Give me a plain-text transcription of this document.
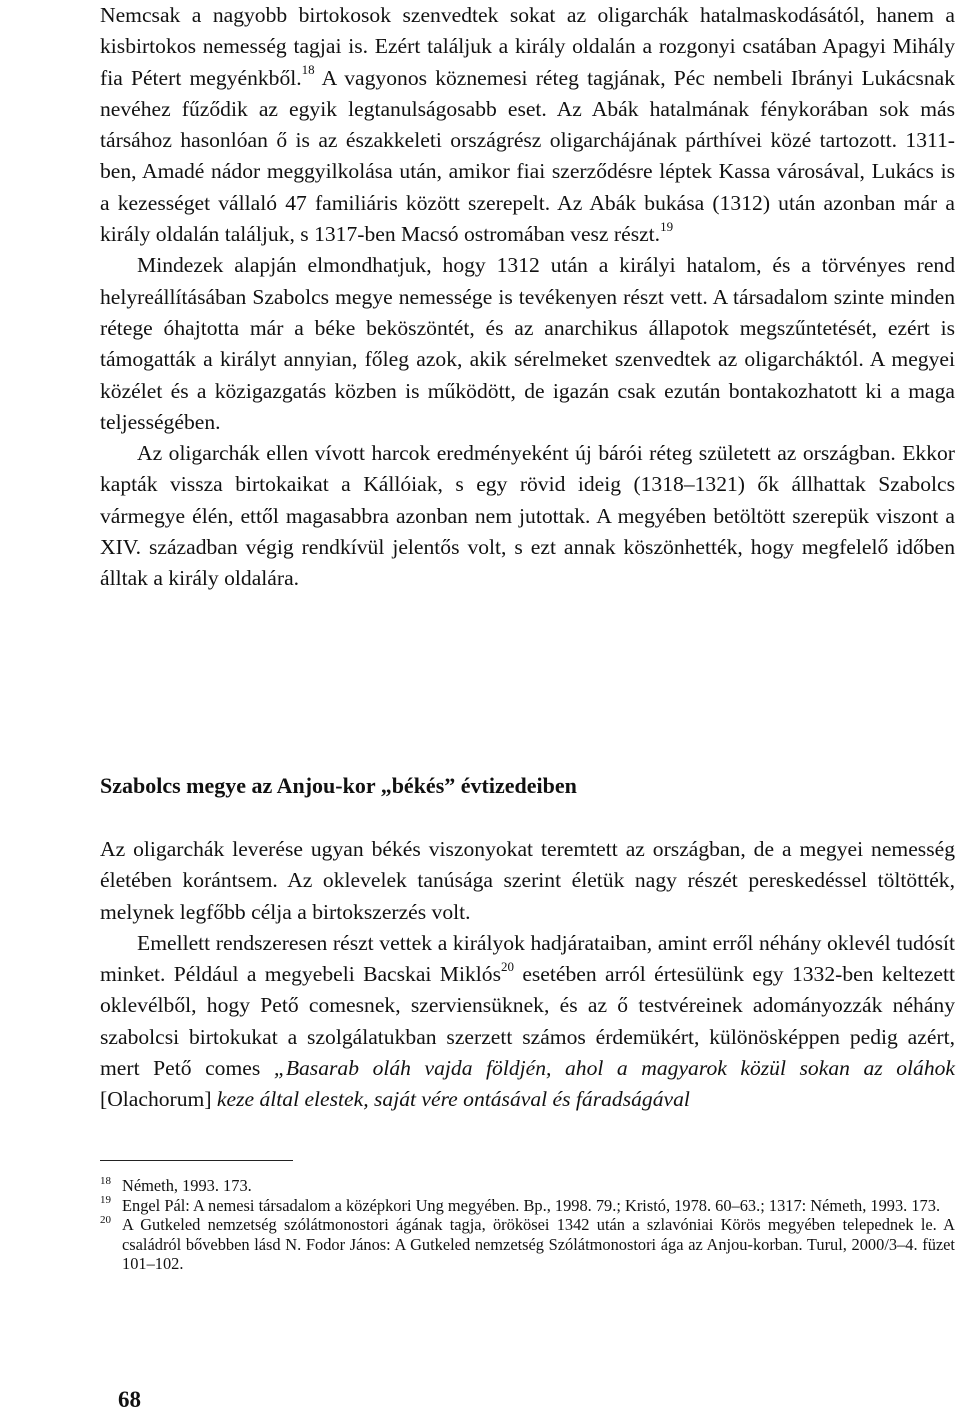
Nemcsak a nagyobb birtokosok szenvedtek sokat az oligarchák hatalmaskodásától, hanem a kisbirtokos nemesség tagjai is. Ezért találjuk a király oldalán a rozgonyi csatában Apagyi Mihály fia Pétert megyénkből.$^{18}$ A vagyonos köznemesi réteg tagjának, Péc nembeli Ibrányi Lukácsnak nevéhez fűződik az egyik legtanulságosabb eset. Az Abák hatalmának fénykorában sok más társához hasonlóan ő is az északkeleti országrész oligarchájának párthívei közé tartozott. 1311-ben, Amadé nádor meggyilkolása után, amikor fiai szerződésre léptek Kassa városával, Lukács is a kezességet vállaló 47 familiáris között szerepelt. Az Abák bukása (1312) után azonban már a király oldalán találjuk, s 1317-ben Macsó ostromában vesz részt.$^{19}$

Mindezek alapján elmondhatjuk, hogy 1312 után a királyi hatalom, és a törvényes rend helyreállításában Szabolcs megye nemessége is tevékenyen részt vett. A társadalom szinte minden rétege óhajtotta már a béke beköszöntét, és az anarchikus állapotok megszűntetését, ezért is támogatták a királyt annyian, főleg azok, akik sérelmeket szenvedtek az oligarcháktól. A megyei közélet és a közigazgatás közben is működött, de igazán csak ezután bontakozhatott ki a maga teljességében.

Az oligarchák ellen vívott harcok eredményeként új bárói réteg született az országban. Ekkor kapták vissza birtokaikat a Kállóiak, s egy rövid ideig (1318–1321) ők állhattak Szabolcs vármegye élén, ettől magasabbra azonban nem jutottak. A megyében betöltött szerepük viszont a XIV. században végig rendkívül jelentős volt, s ezt annak köszönhették, hogy megfelelő időben álltak a király oldalára.

Szabolcs megye az Anjou-kor „békés” évtizedeiben

Az oligarchák leverése ugyan békés viszonyokat teremtett az országban, de a megyei nemesség életében korántsem. Az oklevelek tanúsága szerint életük nagy részét pereskedéssel töltötték, melynek legfőbb célja a birtokszerzés volt.

Emellett rendszeresen részt vettek a királyok hadjárataiban, amint erről néhány oklevél tudósít minket. Például a megyebeli Bacskai Miklós$^{20}$ esetében arról értesülünk egy 1332-ben keltezett oklevélből, hogy Pető comesnek, szerviensüknek, és az ő testvéreinek adományozzák néhány szabolcsi birtokukat a szolgálatukban szerzett számos érdemükért, különösképpen pedig azért, mert Pető comes „Basarab oláh vajda földjén, ahol a magyarok közül sokan az oláhok [Olachorum] keze által elestek, saját vére ontásával és fáradságával

$^{18}$ Németh, 1993. 173.

$^{19}$ Engel Pál: A nemesi társadalom a középkori Ung megyében. Bp., 1998. 79.; Kristó, 1978. 60–63.; 1317: Németh, 1993. 173.

$^{20}$ A Gutkeled nemzetség szólátmonostori ágának tagja, örökösei 1342 után a szlavóniai Körös megyében telepednek le. A családról bővebben lásd N. Fodor János: A Gutkeled nemzetség Szólátmonostori ága az Anjou-korban. Turul, 2000/3–4. füzet 101–102.

68
